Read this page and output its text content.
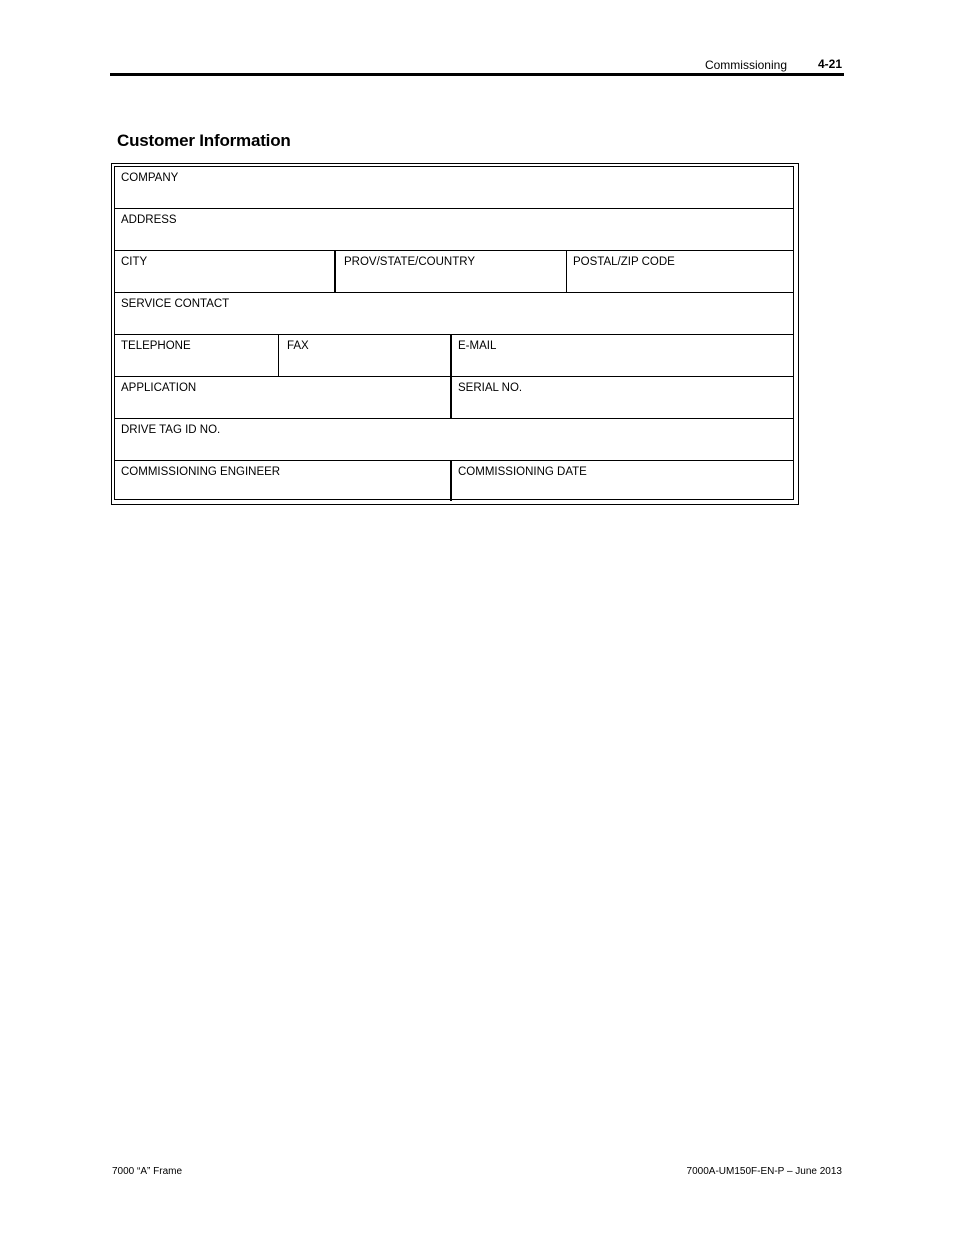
Commissioning	4-21
Customer Information
COMPANY
ADDRESS
CITY	PROV/STATE/COUNTRY	POSTAL/ZIP CODE
SERVICE CONTACT
TELEPHONE	FAX	E-MAIL
APPLICATION	SERIAL NO.
DRIVE TAG ID NO.
COMMISSIONING ENGINEER	COMMISSIONING DATE
7000 “A” Frame	7000A-UM150F-EN-P – June 2013
